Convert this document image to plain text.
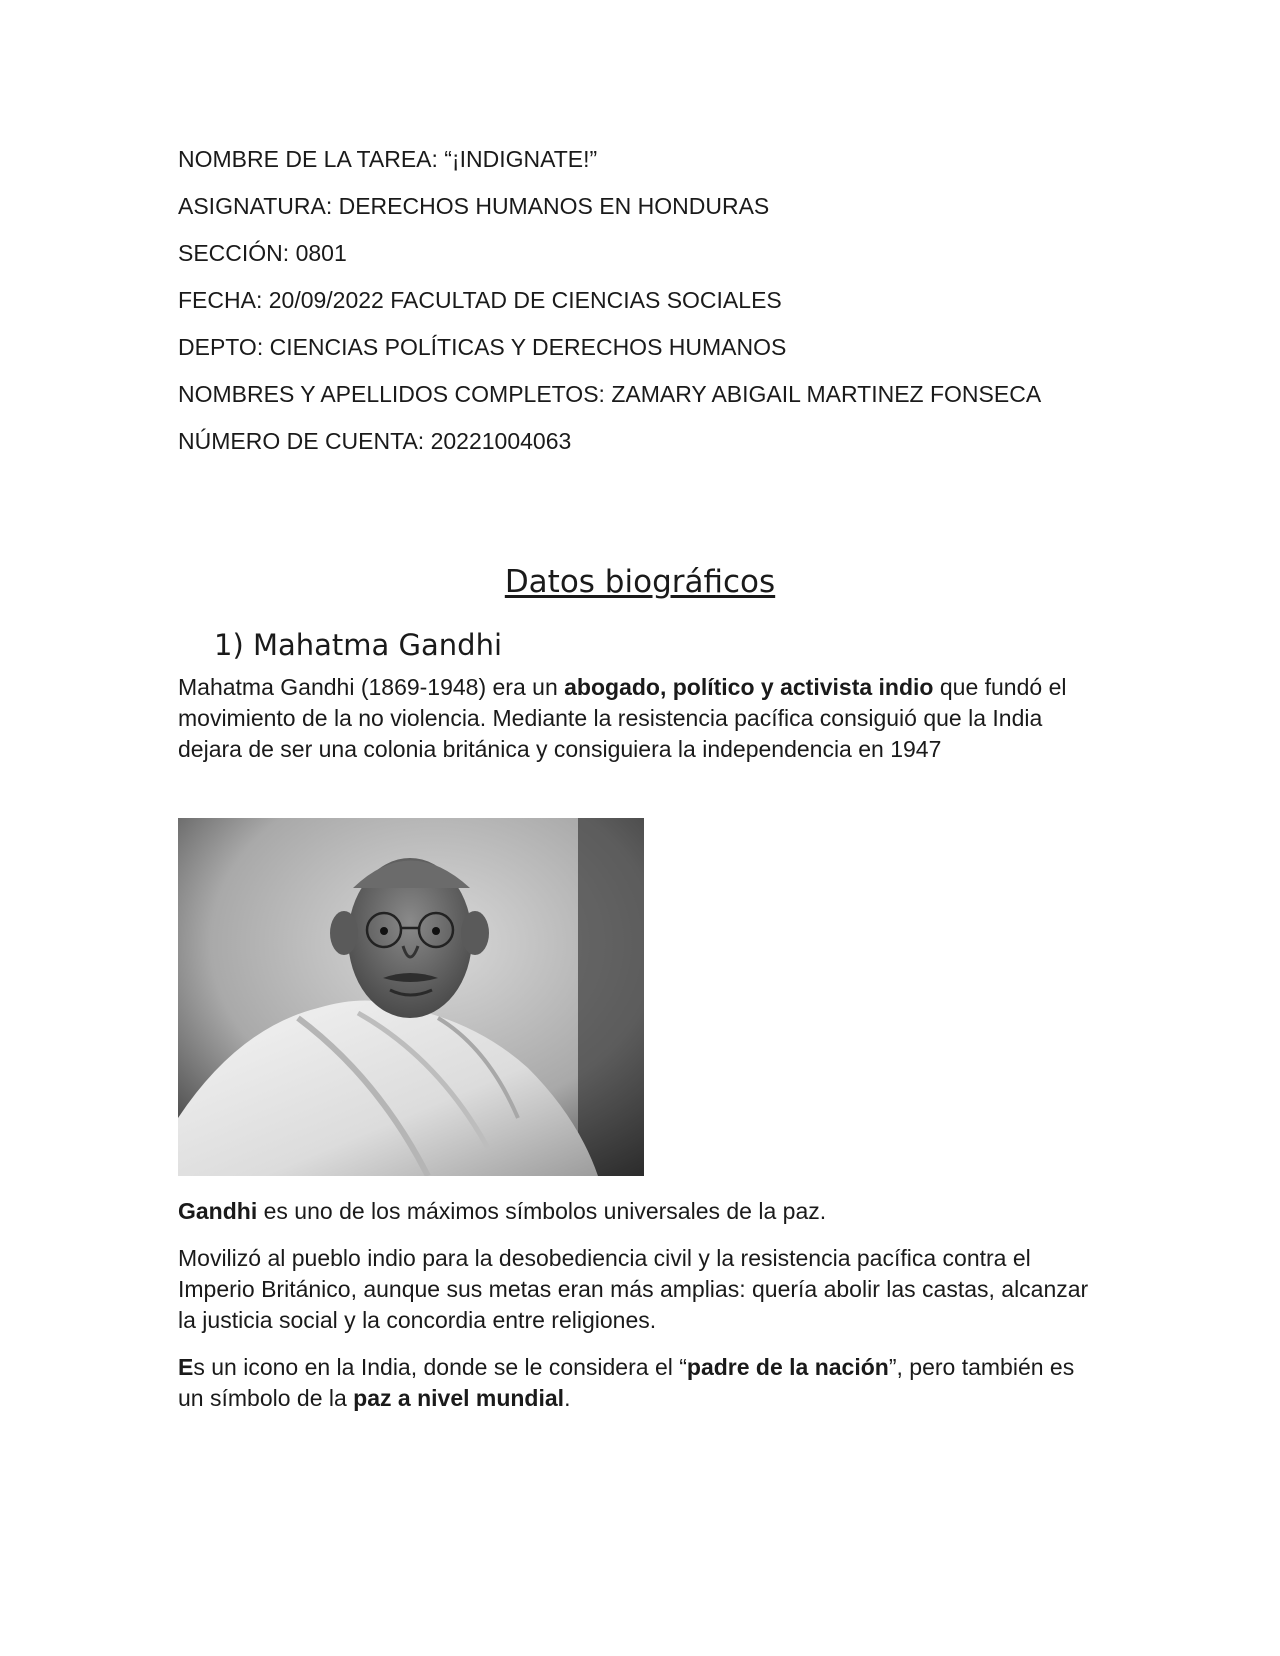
NOMBRE DE LA TAREA: “¡INDIGNATE!”

ASIGNATURA: DERECHOS HUMANOS EN HONDURAS

SECCIÓN: 0801

FECHA: 20/09/2022 FACULTAD DE CIENCIAS SOCIALES

DEPTO: CIENCIAS POLÍTICAS Y DERECHOS HUMANOS

NOMBRES Y APELLIDOS COMPLETOS: ZAMARY ABIGAIL MARTINEZ FONSECA

NÚMERO DE CUENTA: 20221004063

Datos biográficos
1) Mahatma Gandhi

Mahatma Gandhi (1869-1948) era un abogado, político y activista indio que fundó el movimiento de la no violencia. Mediante la resistencia pacífica consiguió que la India dejara de ser una colonia británica y consiguiera la independencia en 1947

Gandhi es uno de los máximos símbolos universales de la paz.

Movilizó al pueblo indio para la desobediencia civil y la resistencia pacífica contra el Imperio Británico, aunque sus metas eran más amplias: quería abolir las castas, alcanzar la justicia social y la concordia entre religiones.

Es un icono en la India, donde se le considera el “padre de la nación”, pero también es un símbolo de la paz a nivel mundial.
